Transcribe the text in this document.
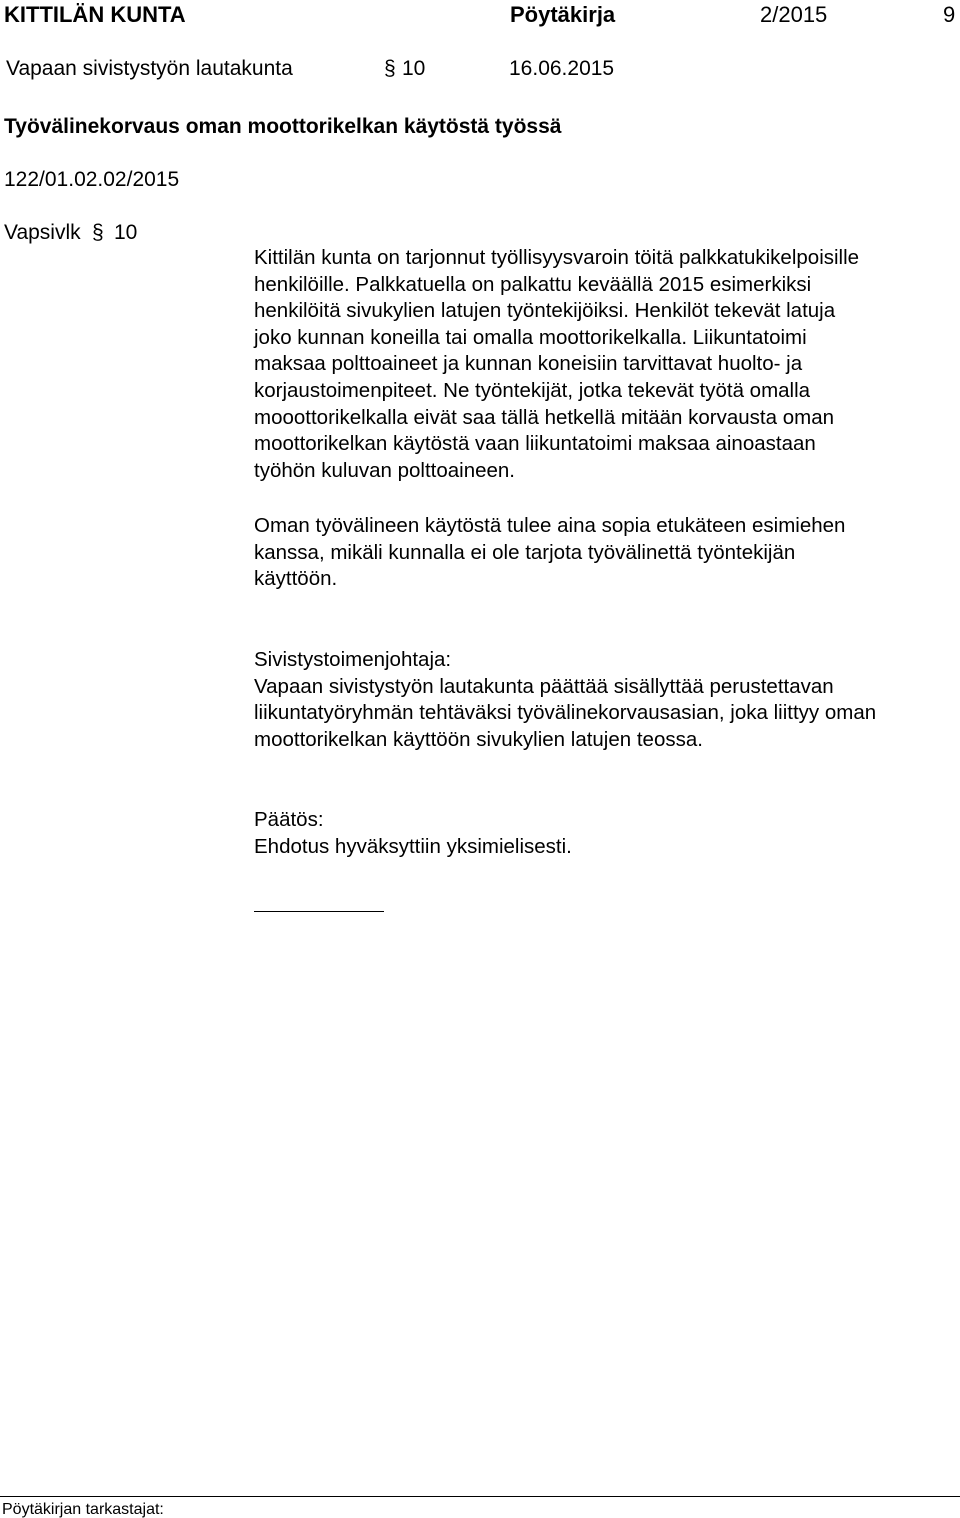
KITTILÄN KUNTA	Pöytäkirja	2/2015	9
Vapaan sivistystyön lautakunta	§ 10	16.06.2015
Työvälinekorvaus oman moottorikelkan käytöstä työssä
122/01.02.02/2015
Vapsivlk § 10

Kittilän kunta on tarjonnut työllisyysvaroin töitä palkkatukikelpoisille

henkilöille. Palkkatuella on palkattu keväällä 2015 esimerkiksi

henkilöitä sivukylien latujen työntekijöiksi. Henkilöt tekevät latuja

joko kunnan koneilla tai omalla moottorikelkalla. Liikuntatoimi

maksaa polttoaineet ja kunnan koneisiin tarvittavat huolto- ja

korjaustoimenpiteet. Ne työntekijät, jotka tekevät työtä omalla

mooottorikelkalla eivät saa tällä hetkellä mitään korvausta oman

moottorikelkan käytöstä vaan liikuntatoimi maksaa ainoastaan

työhön kuluvan polttoaineen.

Oman työvälineen käytöstä tulee aina sopia etukäteen esimiehen

kanssa, mikäli kunnalla ei ole tarjota työvälinettä työntekijän

käyttöön.

Sivistystoimenjohtaja:

Vapaan sivistystyön lautakunta päättää sisällyttää perustettavan

liikuntatyöryhmän tehtäväksi työvälinekorvausasian, joka liittyy oman

moottorikelkan käyttöön sivukylien latujen teossa.

Päätös:

Ehdotus hyväksyttiin yksimielisesti.

Pöytäkirjan tarkastajat:
